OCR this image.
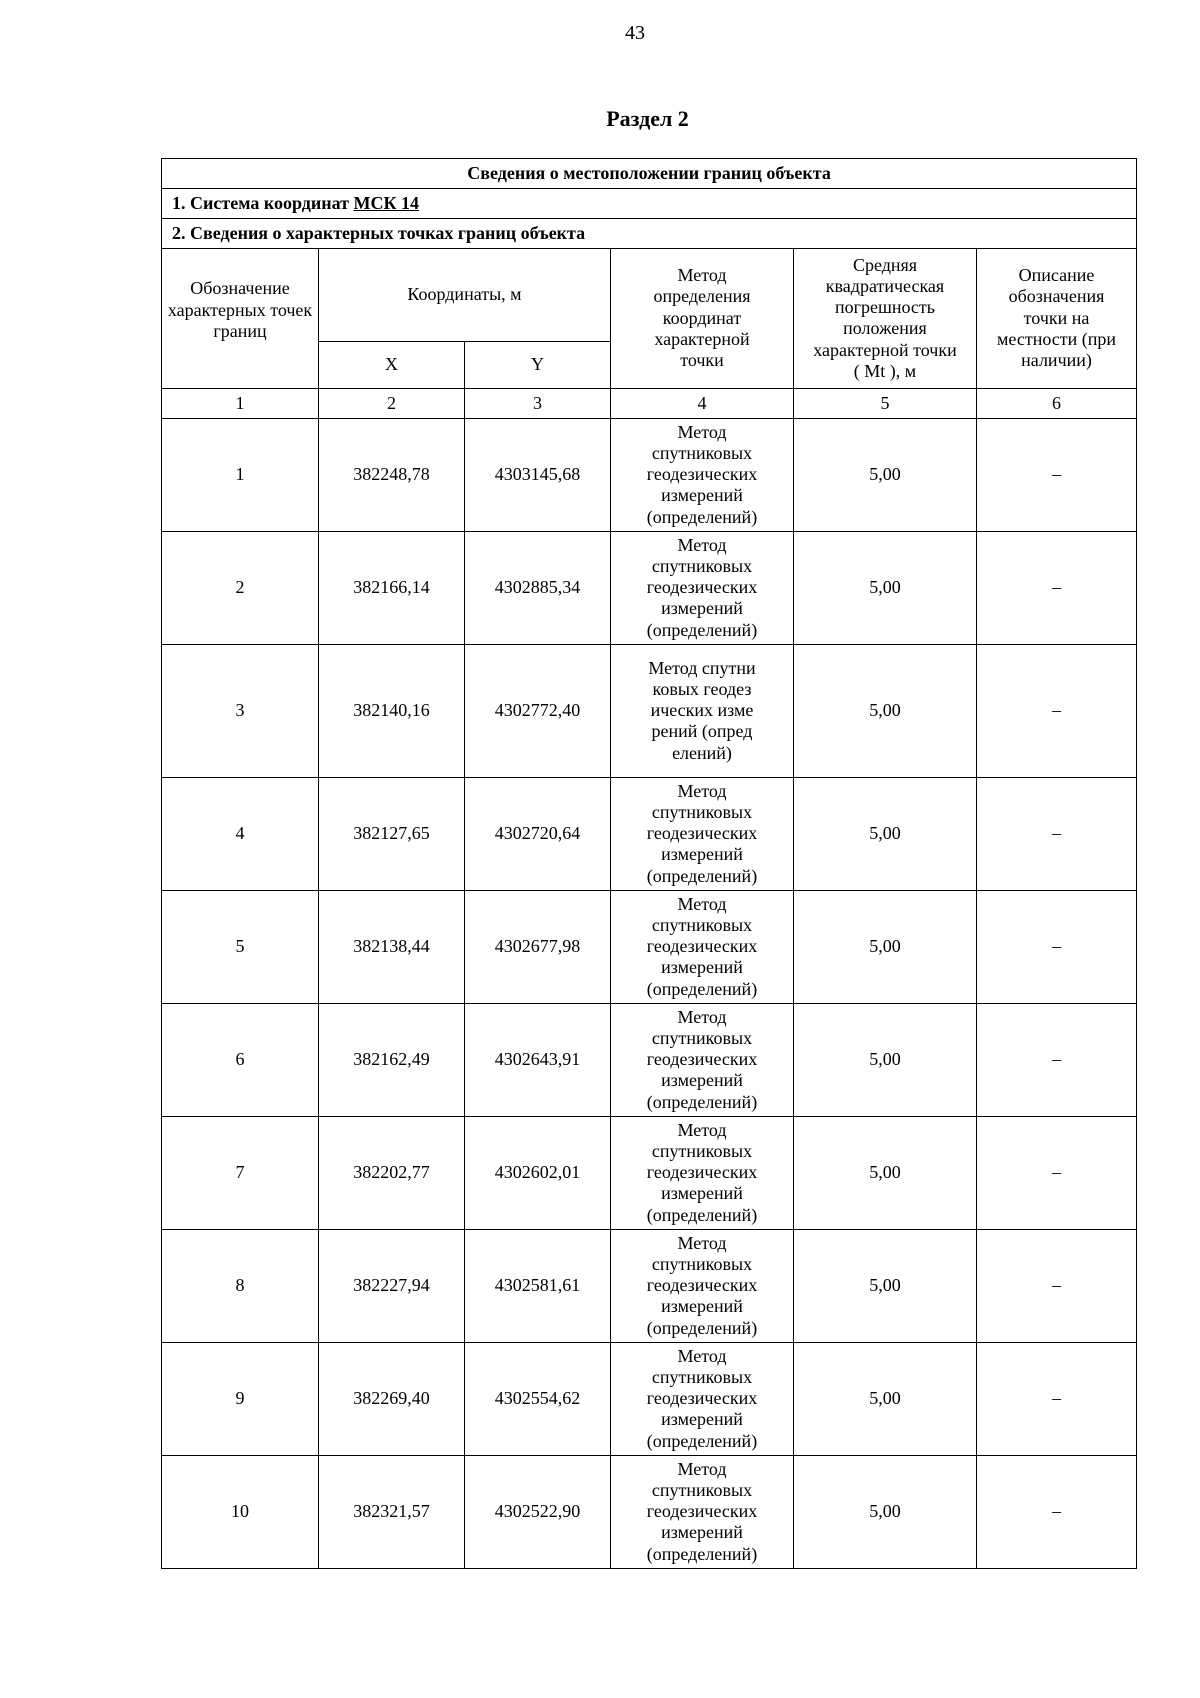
43
Раздел 2
Сведения о местоположении границ объекта					
1. Система координат МСК 14					
2. Сведения о характерных точках границ объекта					
Обозначение характерных точек границ	Координаты, м		Метод определения координат характерной точки	Средняя квадратическая погрешность положения характерной точки ( Mt ), м	Описание обозначения точки на местности (при наличии)
	X	Y			
1	2	3	4	5	6
1	382248,78	4303145,68	Метод спутниковых геодезических измерений (определений)	5,00	–
2	382166,14	4302885,34	Метод спутниковых геодезических измерений (определений)	5,00	–
3	382140,16	4302772,40	Метод спутниковых геодезических измерений (определений)	5,00	–
4	382127,65	4302720,64	Метод спутниковых геодезических измерений (определений)	5,00	–
5	382138,44	4302677,98	Метод спутниковых геодезических измерений (определений)	5,00	–
6	382162,49	4302643,91	Метод спутниковых геодезических измерений (определений)	5,00	–
7	382202,77	4302602,01	Метод спутниковых геодезических измерений (определений)	5,00	–
8	382227,94	4302581,61	Метод спутниковых геодезических измерений (определений)	5,00	–
9	382269,40	4302554,62	Метод спутниковых геодезических измерений (определений)	5,00	–
10	382321,57	4302522,90	Метод спутниковых геодезических измерений (определений)	5,00	–
